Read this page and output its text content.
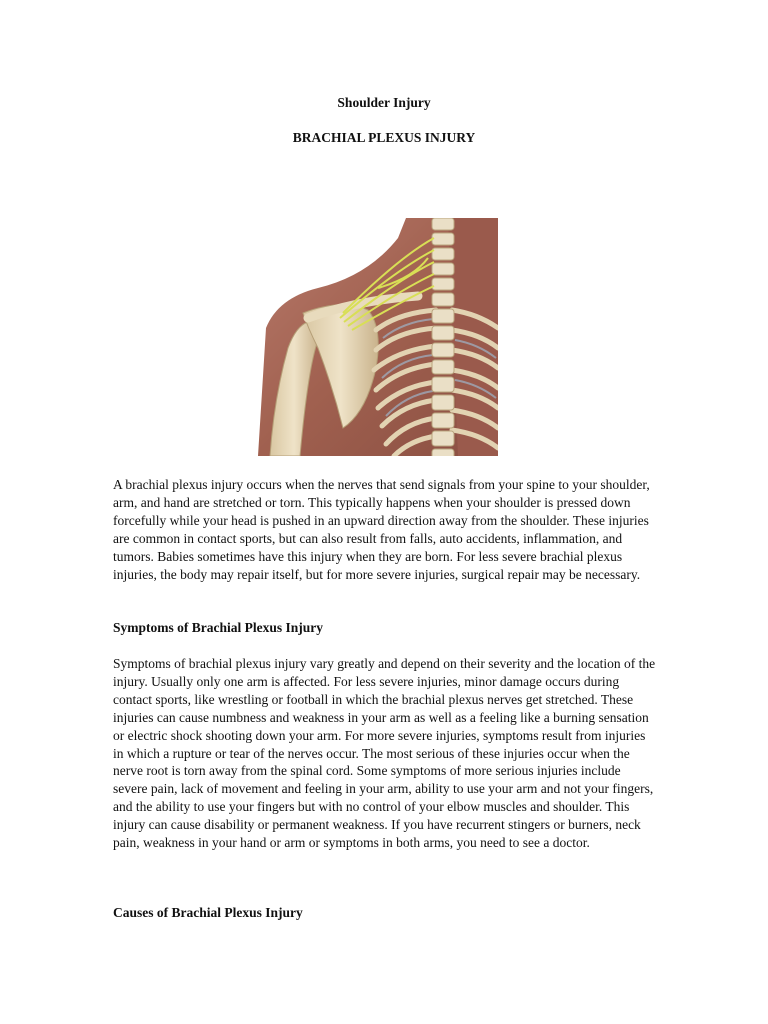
Shoulder Injury

BRACHIAL PLEXUS INJURY

A brachial plexus injury occurs when the nerves that send signals from your spine to your shoulder, arm, and hand are stretched or torn. This typically happens when your shoulder is pressed down forcefully while your head is pushed in an upward direction away from the shoulder. These injuries are common in contact sports, but can also result from falls, auto accidents, inflammation, and tumors. Babies sometimes have this injury when they are born. For less severe brachial plexus injuries, the body may repair itself, but for more severe injuries, surgical repair may be necessary.

Symptoms of Brachial Plexus Injury

Symptoms of brachial plexus injury vary greatly and depend on their severity and the location of the injury. Usually only one arm is affected. For less severe injuries, minor damage occurs during contact sports, like wrestling or football in which the brachial plexus nerves get stretched. These injuries can cause numbness and weakness in your arm as well as a feeling like a burning sensation or electric shock shooting down your arm. For more severe injuries, symptoms result from injuries in which a rupture or tear of the nerves occur. The most serious of these injuries occur when the nerve root is torn away from the spinal cord. Some symptoms of more serious injuries include severe pain, lack of movement and feeling in your arm, ability to use your arm and not your fingers, and the ability to use your fingers but with no control of your elbow muscles and shoulder. This injury can cause disability or permanent weakness. If you have recurrent stingers or burners, neck pain, weakness in your hand or arm or symptoms in both arms, you need to see a doctor.

Causes of Brachial Plexus Injury
